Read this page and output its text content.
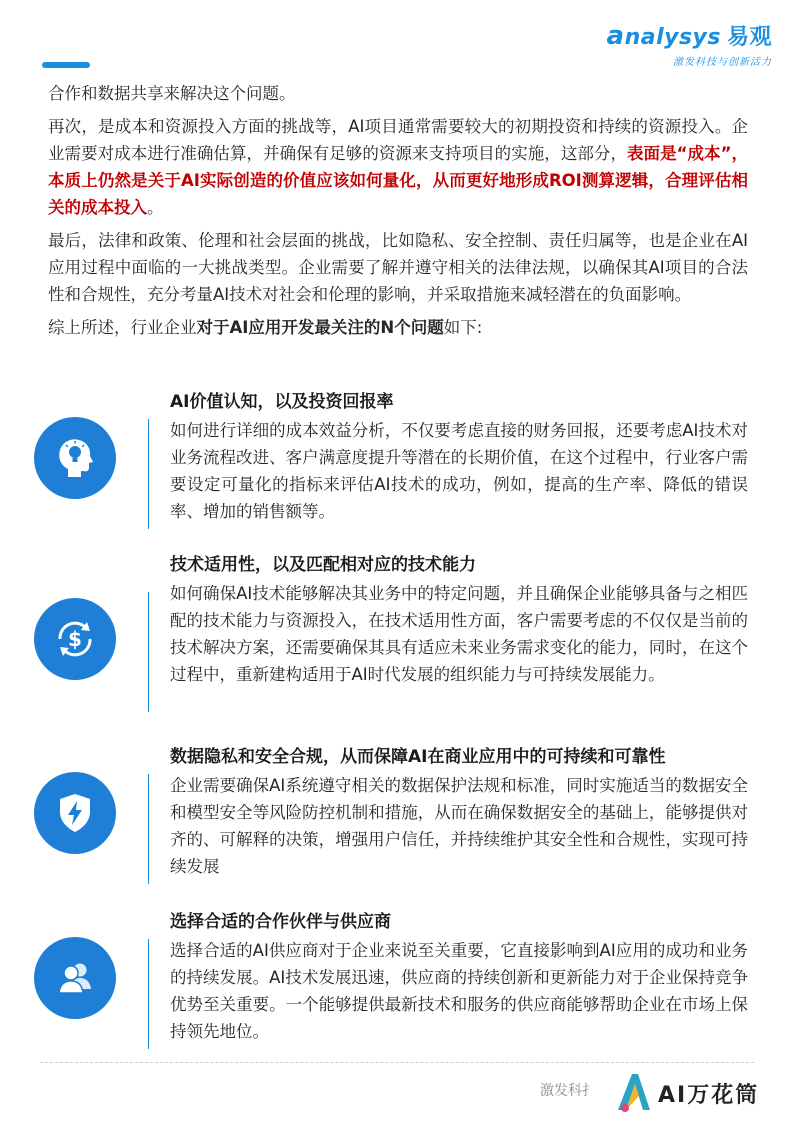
analysys 易观
激发科技与创新活力

合作和数据共享来解决这个问题。

再次，是成本和资源投入方面的挑战等，AI项目通常需要较大的初期投资和持续的资源投入。企业需要对成本进行准确估算，并确保有足够的资源来支持项目的实施，这部分，表面是“成本”，本质上仍然是关于AI实际创造的价值应该如何量化，从而更好地形成ROI测算逻辑，合理评估相关的成本投入。

最后，法律和政策、伦理和社会层面的挑战，比如隐私、安全控制、责任归属等，也是企业在AI应用过程中面临的一大挑战类型。企业需要了解并遵守相关的法律法规，以确保其AI项目的合法性和合规性，充分考量AI技术对社会和伦理的影响，并采取措施来减轻潜在的负面影响。

综上所述，行业企业对于AI应用开发最关注的N个问题如下:

AI价值认知，以及投资回报率

如何进行详细的成本效益分析，不仅要考虑直接的财务回报，还要考虑AI技术对业务流程改进、客户满意度提升等潜在的长期价值，在这个过程中，行业客户需要设定可量化的指标来评估AI技术的成功，例如，提高的生产率、降低的错误率、增加的销售额等。

技术适用性，以及匹配相对应的技术能力
$

如何确保AI技术能够解决其业务中的特定问题，并且确保企业能够具备与之相匹配的技术能力与资源投入，在技术适用性方面，客户需要考虑的不仅仅是当前的技术解决方案，还需要确保其具有适应未来业务需求变化的能力，同时，在这个过程中，重新建构适用于AI时代发展的组织能力与可持续发展能力。

数据隐私和安全合规，从而保障AI在商业应用中的可持续和可靠性

企业需要确保AI系统遵守相关的数据保护法规和标准，同时实施适当的数据安全和模型安全等风险防控机制和措施，从而在确保数据安全的基础上，能够提供对齐的、可解释的决策，增强用户信任，并持续维护其安全性和合规性，实现可持续发展

选择合适的合作伙伴与供应商

选择合适的AI供应商对于企业来说至关重要，它直接影响到AI应用的成功和业务的持续发展。AI技术发展迅速，供应商的持续创新和更新能力对于企业保持竞争优势至关重要。一个能够提供最新技术和服务的供应商能够帮助企业在市场上保持领先地位。

激发科扌	AI万花筒
